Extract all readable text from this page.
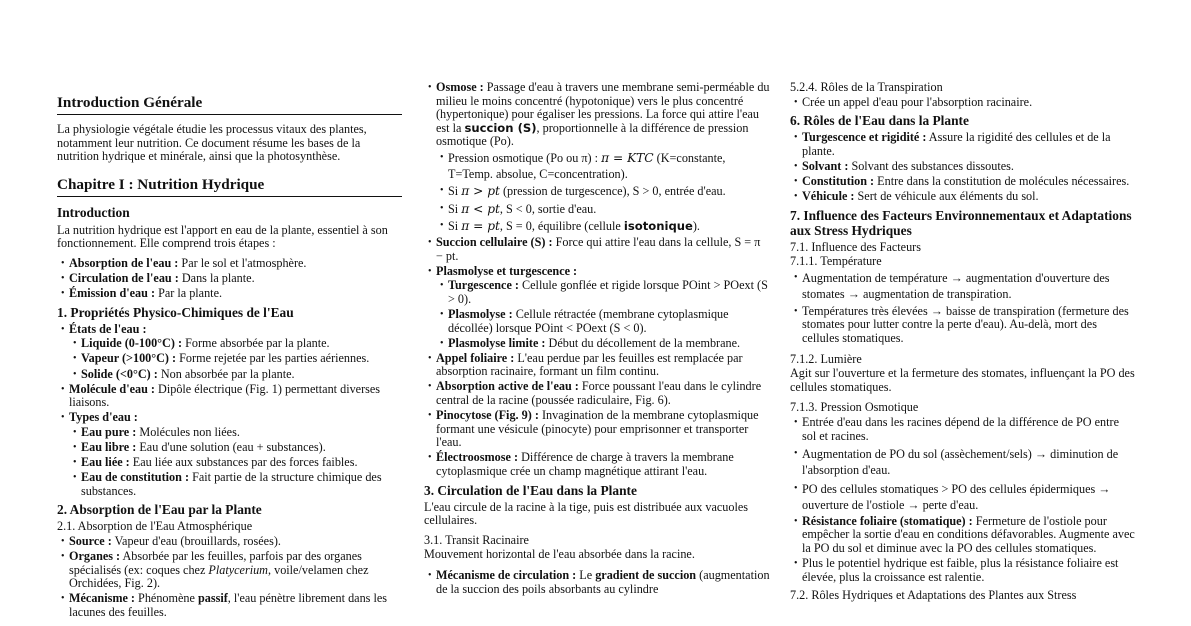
Introduction Générale

La physiologie végétale étudie les processus vitaux des plantes, notamment leur nutrition. Ce document résume les bases de la nutrition hydrique et minérale, ainsi que la photosynthèse.

Chapitre I : Nutrition Hydrique
Introduction

La nutrition hydrique est l'apport en eau de la plante, essentiel à son fonctionnement. Elle comprend trois étapes :

• Absorption de l'eau : Par le sol et l'atmosphère.
• Circulation de l'eau : Dans la plante.
• Émission d'eau : Par la plante.
1. Propriétés Physico-Chimiques de l'Eau
• États de l'eau :
• Liquide (0-100°C) : Forme absorbée par la plante.
• Vapeur (>100°C) : Forme rejetée par les parties aériennes.
• Solide (<0°C) : Non absorbée par la plante.
• Molécule d'eau : Dipôle électrique (Fig. 1) permettant diverses liaisons.
• Types d'eau :
• Eau pure : Molécules non liées.
• Eau libre : Eau d'une solution (eau + substances).
• Eau liée : Eau liée aux substances par des forces faibles.
• Eau de constitution : Fait partie de la structure chimique des substances.
2. Absorption de l'Eau par la Plante
2.1. Absorption de l'Eau Atmosphérique
• Source : Vapeur d'eau (brouillards, rosées).
• Organes : Absorbée par les feuilles, parfois par des organes spécialisés (ex: coques chez Platycerium, voile/velamen chez Orchidées, Fig. 2).
• Mécanisme : Phénomène passif, l'eau pénètre librement dans les lacunes des feuilles.
• Osmose : Passage d'eau à travers une membrane semi-perméable du milieu le moins concentré (hypotonique) vers le plus concentré (hypertonique) pour égaliser les pressions. La force qui attire l'eau est la succion (S), proportionnelle à la différence de pression osmotique (Po).
• Pression osmotique (Po ou π) : π = KTC (K=constante, T=Temp. absolue, C=concentration).
• Si π > pt (pression de turgescence), S > 0, entrée d'eau.
• Si π < pt, S < 0, sortie d'eau.
• Si π = pt, S = 0, équilibre (cellule isotonique).
• Succion cellulaire (S) : Force qui attire l'eau dans la cellule, S = π − pt.
• Plasmolyse et turgescence :
• Turgescence : Cellule gonflée et rigide lorsque POint > POext (S > 0).
• Plasmolyse : Cellule rétractée (membrane cytoplasmique décollée) lorsque POint < POext (S < 0).
• Plasmolyse limite : Début du décollement de la membrane.
• Appel foliaire : L'eau perdue par les feuilles est remplacée par absorption racinaire, formant un film continu.
• Absorption active de l'eau : Force poussant l'eau dans le cylindre central de la racine (poussée radiculaire, Fig. 6).
• Pinocytose (Fig. 9) : Invagination de la membrane cytoplasmique formant une vésicule (pinocyte) pour emprisonner et transporter l'eau.
• Électroosmose : Différence de charge à travers la membrane cytoplasmique crée un champ magnétique attirant l'eau.
3. Circulation de l'Eau dans la Plante

L'eau circule de la racine à la tige, puis est distribuée aux vacuoles cellulaires.

3.1. Transit Racinaire

Mouvement horizontal de l'eau absorbée dans la racine.

• Mécanisme de circulation : Le gradient de succion (augmentation de la succion des poils absorbants au cylindre
5.2.4. Rôles de la Transpiration
• Crée un appel d'eau pour l'absorption racinaire.
6. Rôles de l'Eau dans la Plante
• Turgescence et rigidité : Assure la rigidité des cellules et de la plante.
• Solvant : Solvant des substances dissoutes.
• Constitution : Entre dans la constitution de molécules nécessaires.
• Véhicule : Sert de véhicule aux éléments du sol.
7. Influence des Facteurs Environnementaux et Adaptations aux Stress Hydriques
7.1. Influence des Facteurs
7.1.1. Température
• Augmentation de température → augmentation d'ouverture des stomates → augmentation de transpiration.
• Températures très élevées → baisse de transpiration (fermeture des stomates pour lutter contre la perte d'eau). Au-delà, mort des cellules stomatiques.
7.1.2. Lumière

Agit sur l'ouverture et la fermeture des stomates, influençant la PO des cellules stomatiques.

7.1.3. Pression Osmotique
• Entrée d'eau dans les racines dépend de la différence de PO entre sol et racines.
• Augmentation de PO du sol (assèchement/sels) → diminution de l'absorption d'eau.
• PO des cellules stomatiques > PO des cellules épidermiques → ouverture de l'ostiole → perte d'eau.
• Résistance foliaire (stomatique) : Fermeture de l'ostiole pour empêcher la sortie d'eau en conditions défavorables. Augmente avec la PO du sol et diminue avec la PO des cellules stomatiques.
• Plus le potentiel hydrique est faible, plus la résistance foliaire est élevée, plus la croissance est ralentie.
7.2. Rôles Hydriques et Adaptations des Plantes aux Stress
